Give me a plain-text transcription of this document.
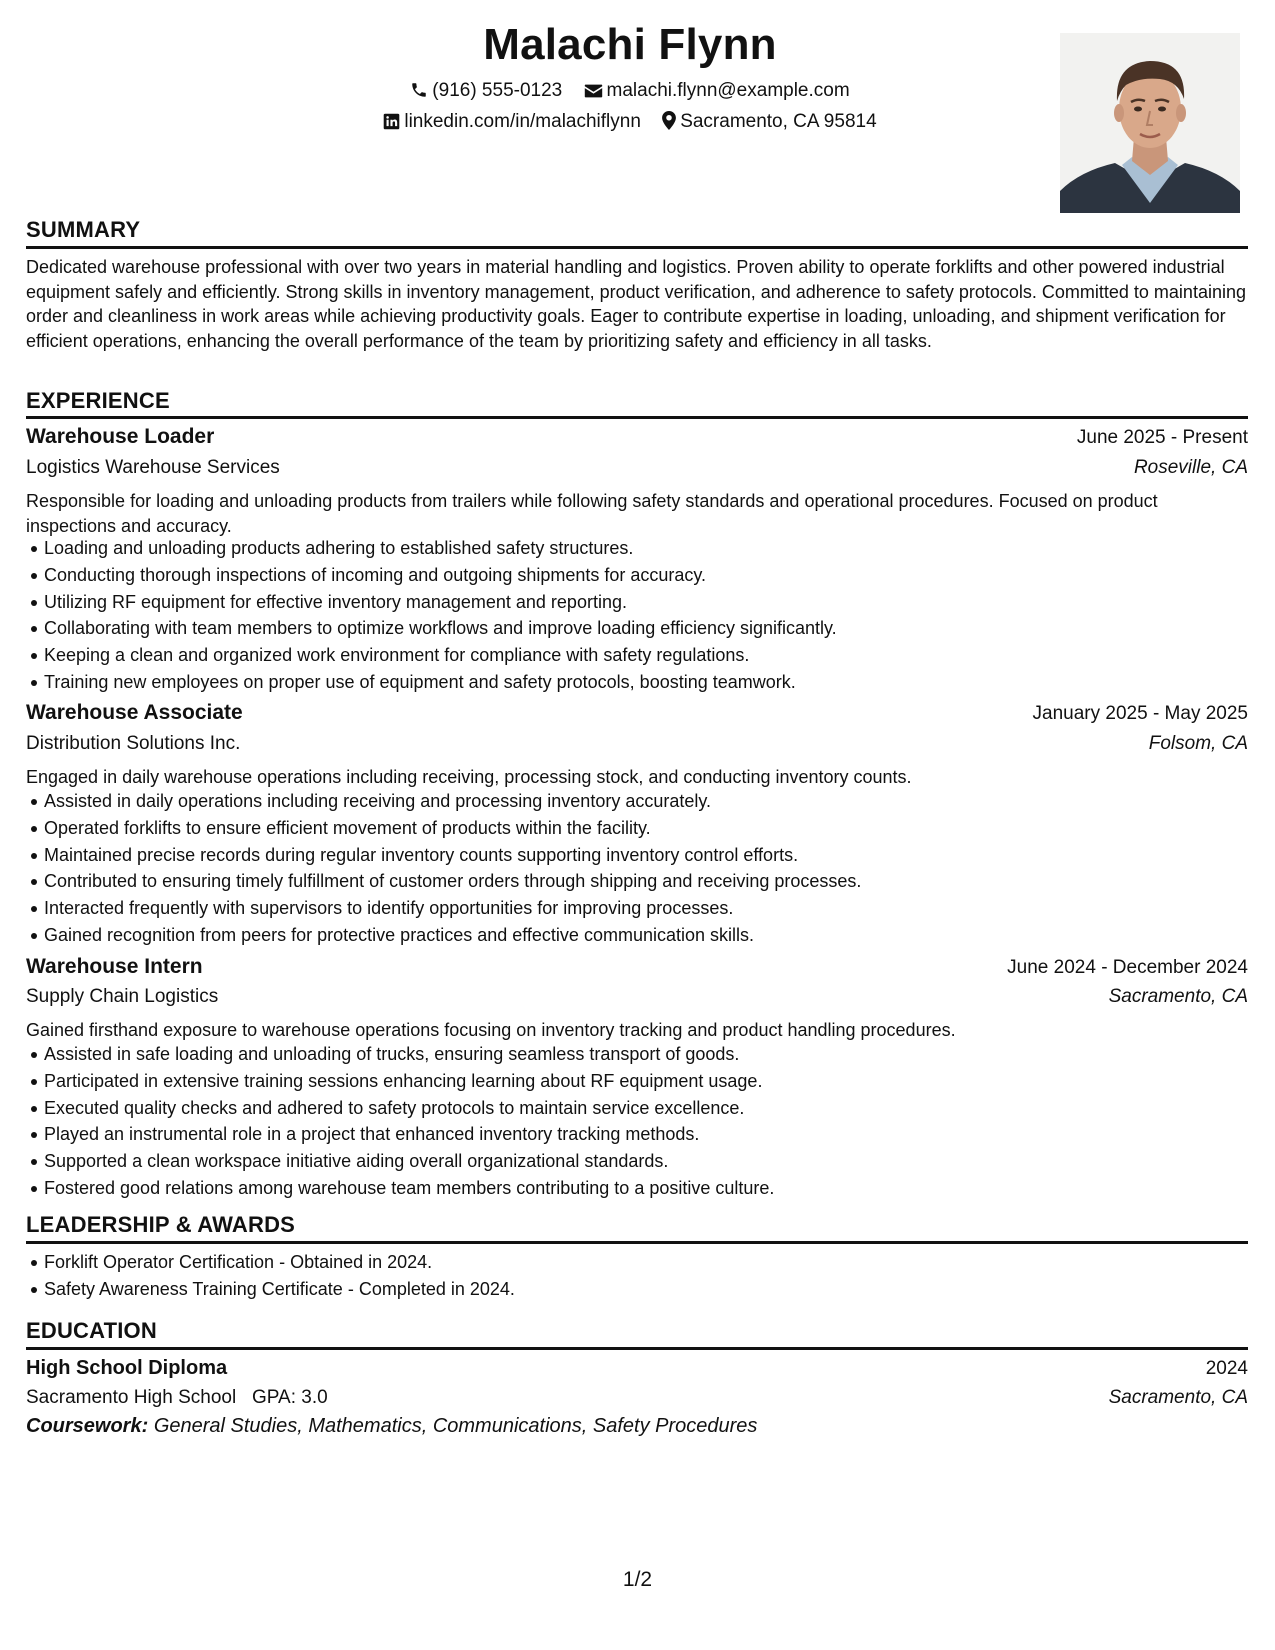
Malachi Flynn
(916) 555-0123 malachi.flynn@example.com
linkedin.com/in/malachiflynn Sacramento, CA 95814
SUMMARY
Dedicated warehouse professional with over two years in material handling and logistics. Proven ability to operate forklifts and other powered industrial equipment safely and efficiently. Strong skills in inventory management, product verification, and adherence to safety protocols. Committed to maintaining order and cleanliness in work areas while achieving productivity goals. Eager to contribute expertise in loading, unloading, and shipment verification for efficient operations, enhancing the overall performance of the team by prioritizing safety and efficiency in all tasks.
EXPERIENCE
Warehouse Loader	June 2025 - Present
Logistics Warehouse Services	Roseville, CA
Responsible for loading and unloading products from trailers while following safety standards and operational procedures. Focused on product inspections and accuracy.
Loading and unloading products adhering to established safety structures.
Conducting thorough inspections of incoming and outgoing shipments for accuracy.
Utilizing RF equipment for effective inventory management and reporting.
Collaborating with team members to optimize workflows and improve loading efficiency significantly.
Keeping a clean and organized work environment for compliance with safety regulations.
Training new employees on proper use of equipment and safety protocols, boosting teamwork.
Warehouse Associate	January 2025 - May 2025
Distribution Solutions Inc.	Folsom, CA
Engaged in daily warehouse operations including receiving, processing stock, and conducting inventory counts.
Assisted in daily operations including receiving and processing inventory accurately.
Operated forklifts to ensure efficient movement of products within the facility.
Maintained precise records during regular inventory counts supporting inventory control efforts.
Contributed to ensuring timely fulfillment of customer orders through shipping and receiving processes.
Interacted frequently with supervisors to identify opportunities for improving processes.
Gained recognition from peers for protective practices and effective communication skills.
Warehouse Intern	June 2024 - December 2024
Supply Chain Logistics	Sacramento, CA
Gained firsthand exposure to warehouse operations focusing on inventory tracking and product handling procedures.
Assisted in safe loading and unloading of trucks, ensuring seamless transport of goods.
Participated in extensive training sessions enhancing learning about RF equipment usage.
Executed quality checks and adhered to safety protocols to maintain service excellence.
Played an instrumental role in a project that enhanced inventory tracking methods.
Supported a clean workspace initiative aiding overall organizational standards.
Fostered good relations among warehouse team members contributing to a positive culture.
LEADERSHIP & AWARDS
Forklift Operator Certification - Obtained in 2024.
Safety Awareness Training Certificate - Completed in 2024.
EDUCATION
High School Diploma	2024
Sacramento High School GPA: 3.0	Sacramento, CA
Coursework: General Studies, Mathematics, Communications, Safety Procedures
1/2
